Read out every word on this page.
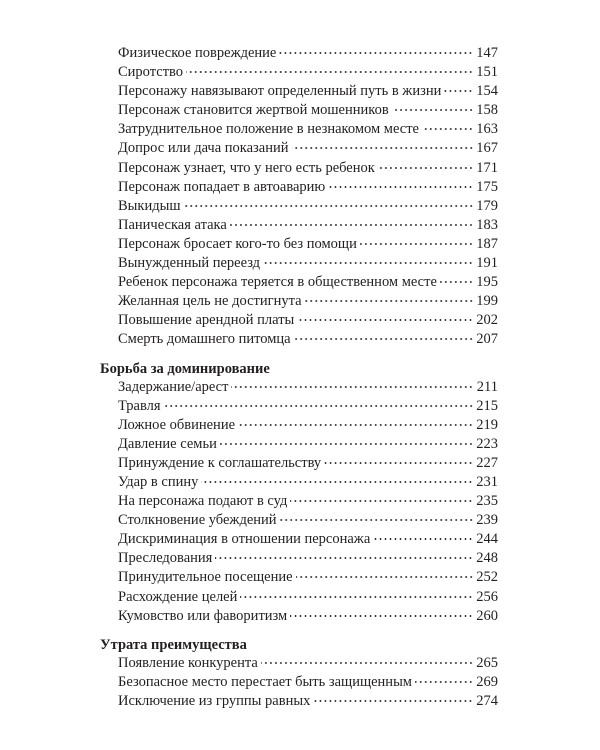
Физическое повреждение	147
Сиротство	151
Персонажу навязывают определенный путь в жизни 154
Персонаж становится жертвой мошенников	158
Затруднительное положение в незнакомом месте	163
Допрос или дача показаний	167
Персонаж узнает, что у него есть ребенок	171
Персонаж попадает в автоаварию	175
Выкидыш	179
Паническая атака	183
Персонаж бросает кого-то без помощи	187
Вынужденный переезд	191
Ребенок персонажа теряется в общественном месте	195
Желанная цель не достигнута	199
Повышение арендной платы	202
Смерть домашнего питомца	207
Борьба за доминирование
Задержание/арест	211
Травля	215
Ложное обвинение	219
Давление семьи	223
Принуждение к соглашательству	227
Удар в спину	231
На персонажа подают в суд	235
Столкновение убеждений	239
Дискриминация в отношении персонажа	244
Преследования	248
Принудительное посещение	252
Расхождение целей	256
Кумовство или фаворитизм	260
Утрата преимущества
Появление конкурента	265
Безопасное место перестает быть защищенным	269
Исключение из группы равных	274
